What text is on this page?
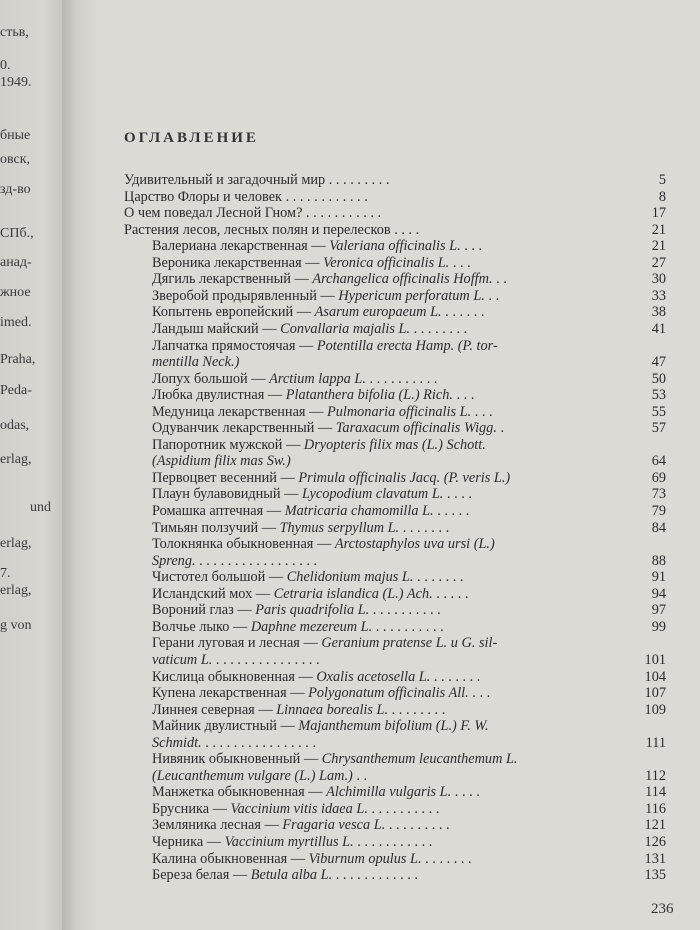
стьв,
0.
1949.
бные
овск,
зд-во
СПб.,
анад-
жное
imed.
Praha,
Peda-
odas,
erlag,
und
erlag,
7.
erlag,
g von
ОГЛАВЛЕНИЕ
Удивительный и загадочный мир . . . . . . . . .	5
Царство Флоры и человек . . . . . . . . . . . .	8
О чем поведал Лесной Гном? . . . . . . . . . . .	17
Растения лесов, лесных полян и перелесков . . . .	21
Валериана лекарственная — Valeriana officinalis L. . . .	21
Вероника лекарственная — Veronica officinalis L. . . .	27
Дягиль лекарственный — Archangelica officinalis Hoffm. . .	30
Зверобой продырявленный — Hypericum perforatum L. . .	33
Копытень европейский — Asarum europaeum L. . . . . . .	38
Ландыш майский — Convallaria majalis L. . . . . . . . .	41
Лапчатка прямостоячая — Potentilla erecta Hamp. (P. tor-
mentilla Neck.)	47
Лопух большой — Arctium lappa L. . . . . . . . . . .	50
Любка двулистная — Platanthera bifolia (L.) Rich. . . .	53
Медуница лекарственная — Pulmonaria officinalis L. . . .	55
Одуванчик лекарственный — Taraxacum officinalis Wigg. .	57
Папоротник мужской — Dryopteris filix mas (L.) Schott.
(Aspidium filix mas Sw.)	64
Первоцвет весенний — Primula officinalis Jacq. (P. veris L.)	69
Плаун булавовидный — Lycopodium clavatum L. . . . .	73
Ромашка аптечная — Matricaria chamomilla L. . . . . .	79
Тимьян ползучий — Thymus serpyllum L. . . . . . . .	84
Толокнянка обыкновенная — Arctostaphylos uva ursi (L.)
Spreng. . . . . . . . . . . . . . . . . .	88
Чистотел большой — Chelidonium majus L. . . . . . . .	91
Исландский мох — Cetraria islandica (L.) Ach. . . . . .	94
Вороний глаз — Paris quadrifolia L. . . . . . . . . . .	97
Волчье лыко — Daphne mezereum L. . . . . . . . . . .	99
Герани луговая и лесная — Geranium pratense L. и G. sil-
vaticum L. . . . . . . . . . . . . . . .	101
Кислица обыкновенная — Oxalis acetosella L. . . . . . . .	104
Купена лекарственная — Polygonatum officinalis All. . . .	107
Линнея северная — Linnaea borealis L. . . . . . . . .	109
Майник двулистный — Majanthemum bifolium (L.) F. W.
Schmidt. . . . . . . . . . . . . . . . .	111
Нивяник обыкновенный — Chrysanthemum leucanthemum L.
(Leucanthemum vulgare (L.) Lam.) . .	112
Манжетка обыкновенная — Alchimilla vulgaris L. . . . .	114
Брусника — Vaccinium vitis idaea L. . . . . . . . . . .	116
Земляника лесная — Fragaria vesca L. . . . . . . . . .	121
Черника — Vaccinium myrtillus L. . . . . . . . . . . .	126
Калина обыкновенная — Viburnum opulus L. . . . . . . .	131
Береза белая — Betula alba L. . . . . . . . . . . . .	135
236
